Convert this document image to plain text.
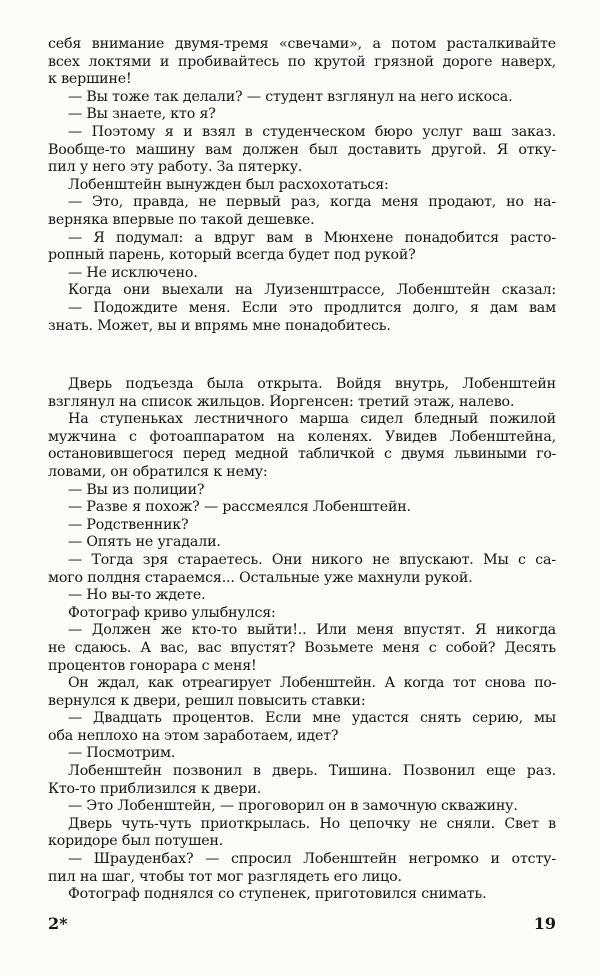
себя внимание двумя-тремя «свечами», а потом расталкивайте
всех локтями и пробивайтесь по крутой грязной дороге наверх,
к вершине!
— Вы тоже так делали? — студент взглянул на него искоса.
— Вы знаете, кто я?
— Поэтому я и взял в студенческом бюро услуг ваш заказ.
Вообще-то машину вам должен был доставить другой. Я отку-
пил у него эту работу. За пятерку.
Лобенштейн вынужден был расхохотаться:
— Это, правда, не первый раз, когда меня продают, но на-
верняка впервые по такой дешевке.
— Я подумал: а вдруг вам в Мюнхене понадобится расто-
ропный парень, который всегда будет под рукой?
— Не исключено.
Когда они выехали на Луизенштрассе, Лобенштейн сказал:
— Подождите меня. Если это продлится долго, я дам вам
знать. Может, вы и впрямь мне понадобитесь.
Дверь подъезда была открыта. Войдя внутрь, Лобенштейн
взглянул на список жильцов. Йоргенсен: третий этаж, налево.
На ступеньках лестничного марша сидел бледный пожилой
мужчина с фотоаппаратом на коленях. Увидев Лобенштейна,
остановившегося перед медной табличкой с двумя львиными го-
ловами, он обратился к нему:
— Вы из полиции?
— Разве я похож? — рассмеялся Лобенштейн.
— Родственник?
— Опять не угадали.
— Тогда зря стараетесь. Они никого не впускают. Мы с са-
мого полдня стараемся... Остальные уже махнули рукой.
— Но вы-то ждете.
Фотограф криво улыбнулся:
— Должен же кто-то выйти!.. Или меня впустят. Я никогда
не сдаюсь. А вас, вас впустят? Возьмете меня с собой? Десять
процентов гонорара с меня!
Он ждал, как отреагирует Лобенштейн. А когда тот снова по-
вернулся к двери, решил повысить ставки:
— Двадцать процентов. Если мне удастся снять серию, мы
оба неплохо на этом заработаем, идет?
— Посмотрим.
Лобенштейн позвонил в дверь. Тишина. Позвонил еще раз.
Кто-то приблизился к двери.
— Это Лобенштейн, — проговорил он в замочную скважину.
Дверь чуть-чуть приоткрылась. Но цепочку не сняли. Свет в
коридоре был потушен.
— Шрауденбах? — спросил Лобенштейн негромко и отсту-
пил на шаг, чтобы тот мог разглядеть его лицо.
Фотограф поднялся со ступенек, приготовился снимать.
2*	19
